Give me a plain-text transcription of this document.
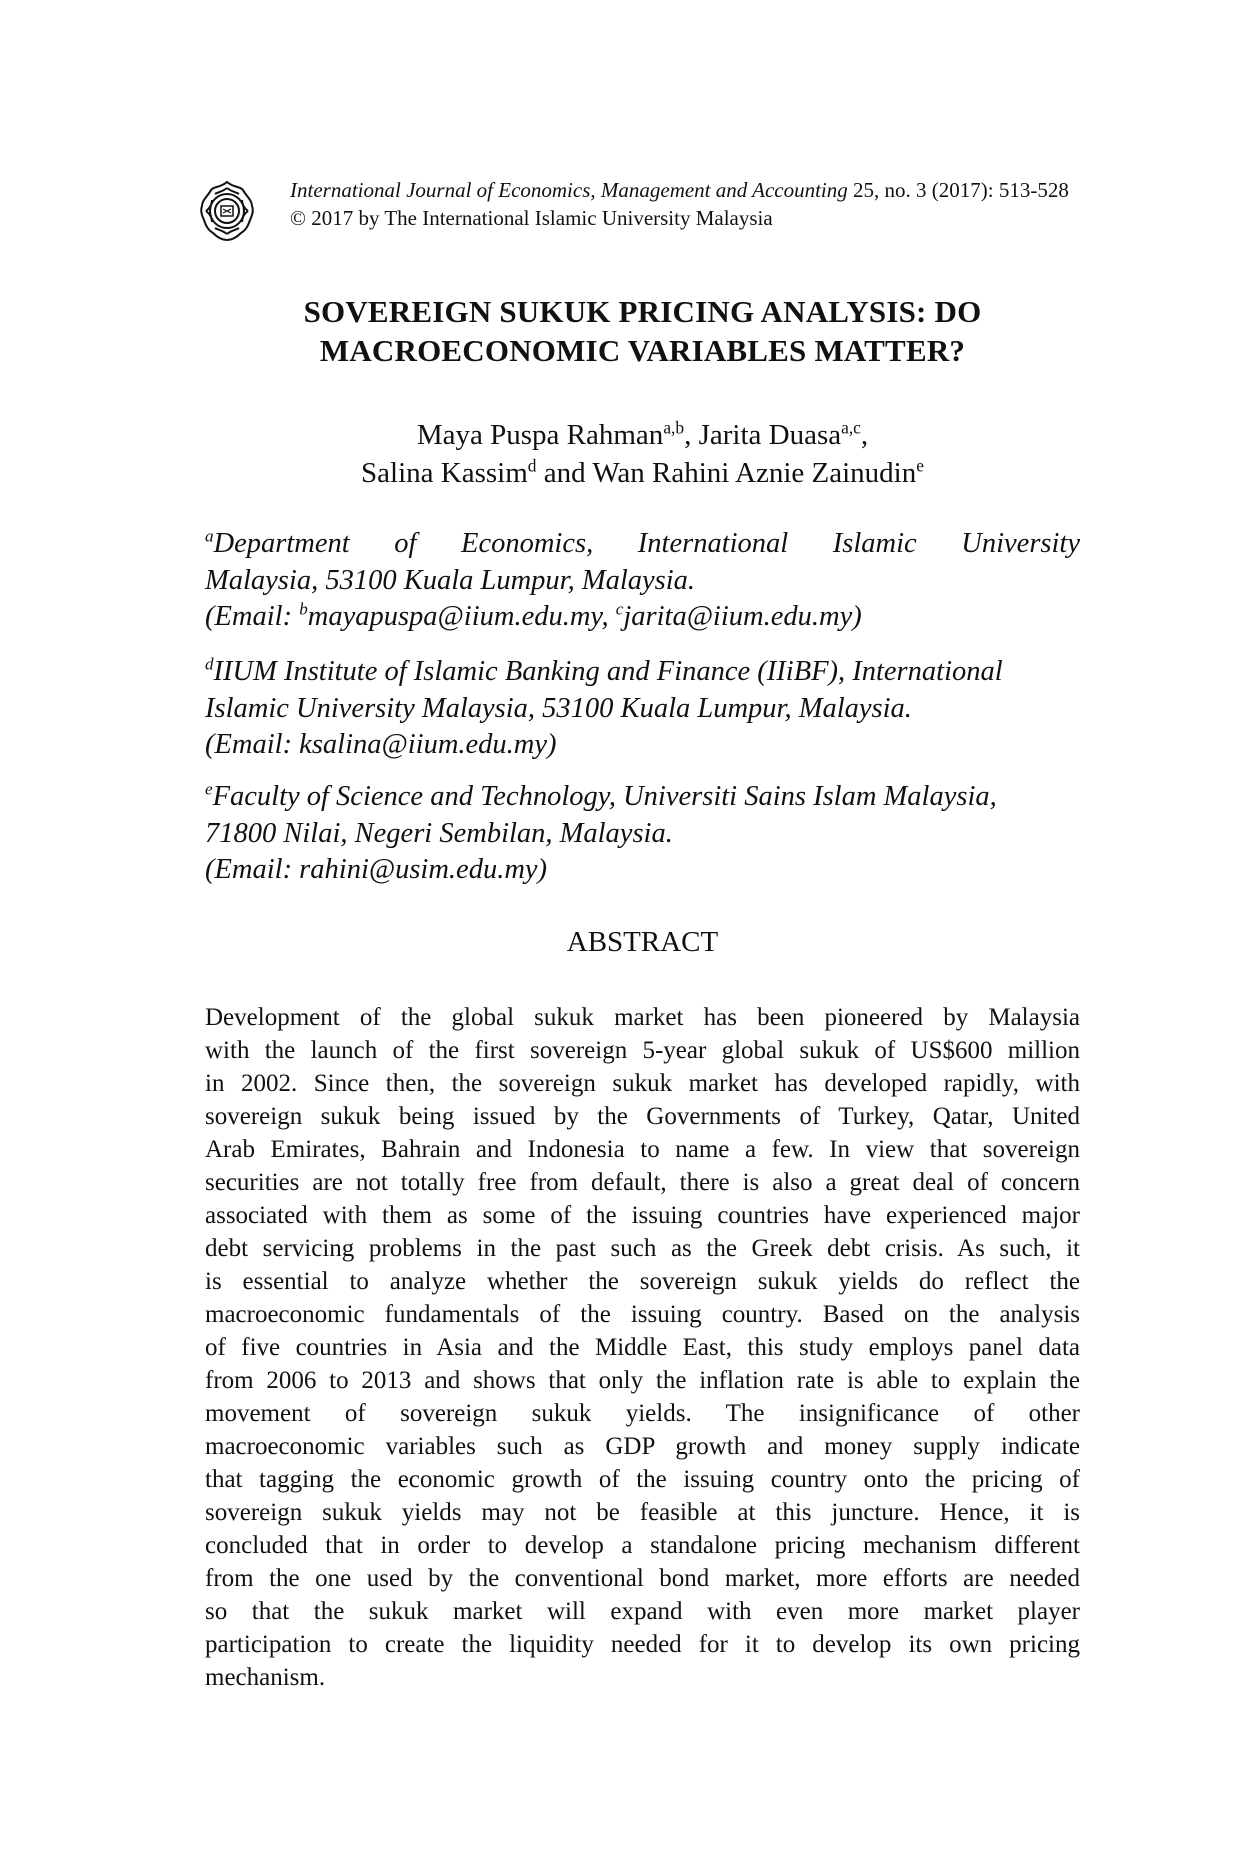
International Journal of Economics, Management and Accounting 25, no. 3 (2017): 513-528
© 2017 by The International Islamic University Malaysia
SOVEREIGN SUKUK PRICING ANALYSIS: DO
MACROECONOMIC VARIABLES MATTER?
Maya Puspa Rahman$^{a,b}$, Jarita Duasa$^{a,c}$,
Salina Kassim$^d$ and Wan Rahini Aznie Zainudin$^e$
$^a$Department of Economics, International Islamic University
Malaysia, 53100 Kuala Lumpur, Malaysia.
(Email: $^b$mayapuspa@iium.edu.my, $^c$jarita@iium.edu.my)
$^d$IIUM Institute of Islamic Banking and Finance (IIiBF), International
Islamic University Malaysia, 53100 Kuala Lumpur, Malaysia.
(Email: ksalina@iium.edu.my)
$^e$Faculty of Science and Technology, Universiti Sains Islam Malaysia,
71800 Nilai, Negeri Sembilan, Malaysia.
(Email: rahini@usim.edu.my)
ABSTRACT
Development of the global sukuk market has been pioneered by Malaysia
with the launch of the first sovereign 5-year global sukuk of US$600 million
in 2002. Since then, the sovereign sukuk market has developed rapidly, with
sovereign sukuk being issued by the Governments of Turkey, Qatar, United
Arab Emirates, Bahrain and Indonesia to name a few. In view that sovereign
securities are not totally free from default, there is also a great deal of concern
associated with them as some of the issuing countries have experienced major
debt servicing problems in the past such as the Greek debt crisis. As such, it
is essential to analyze whether the sovereign sukuk yields do reflect the
macroeconomic fundamentals of the issuing country. Based on the analysis
of five countries in Asia and the Middle East, this study employs panel data
from 2006 to 2013 and shows that only the inflation rate is able to explain the
movement of sovereign sukuk yields. The insignificance of other
macroeconomic variables such as GDP growth and money supply indicate
that tagging the economic growth of the issuing country onto the pricing of
sovereign sukuk yields may not be feasible at this juncture. Hence, it is
concluded that in order to develop a standalone pricing mechanism different
from the one used by the conventional bond market, more efforts are needed
so that the sukuk market will expand with even more market player
participation to create the liquidity needed for it to develop its own pricing
mechanism.
